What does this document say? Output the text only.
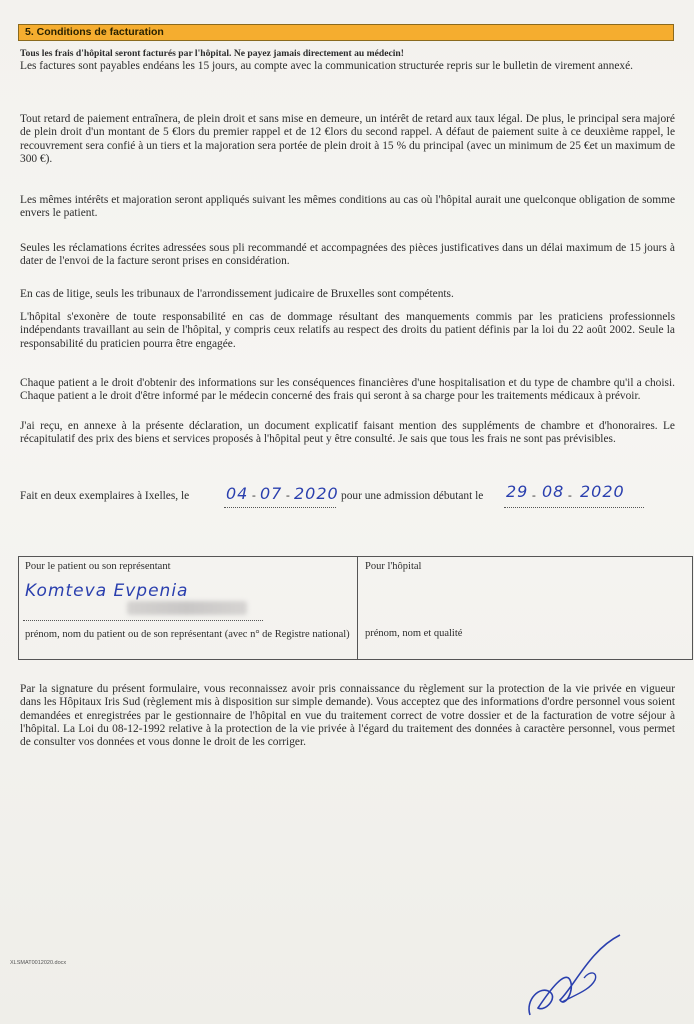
5. Conditions de facturation
Tous les frais d'hôpital seront facturés par l'hôpital. Ne payez jamais directement au médecin!
Les factures sont payables endéans les 15 jours, au compte avec la communication structurée repris sur le bulletin de virement annexé.
Tout retard de paiement entraînera, de plein droit et sans mise en demeure, un intérêt de retard aux taux légal. De plus, le principal sera majoré de plein droit d'un montant de 5 €lors du premier rappel et de 12 €lors du second rappel. A défaut de paiement suite à ce deuxième rappel, le recouvrement sera confié à un tiers et la majoration sera portée de plein droit à 15 % du principal (avec un minimum de 25 €et un maximum de 300 €).
Les mêmes intérêts et majoration seront appliqués suivant les mêmes conditions au cas où l'hôpital aurait une quelconque obligation de somme envers le patient.
Seules les réclamations écrites adressées sous pli recommandé et accompagnées des pièces justificatives dans un délai maximum de 15 jours à dater de l'envoi de la facture seront prises en considération.
En cas de litige, seuls les tribunaux de l'arrondissement judicaire de Bruxelles sont compétents.
L'hôpital s'exonère de toute responsabilité en cas de dommage résultant des manquements commis par les praticiens professionnels indépendants travaillant au sein de l'hôpital, y compris ceux relatifs au respect des droits du patient définis par la loi du 22 août 2002. Seule la responsabilité du praticien pourra être engagée.
Chaque patient a le droit d'obtenir des informations sur les conséquences financières d'une hospitalisation et du type de chambre qu'il a choisi. Chaque patient a le droit d'être informé par le médecin concerné des frais qui seront à sa charge pour les traitements médicaux à prévoir.
J'ai reçu, en annexe à la présente déclaration, un document explicatif faisant mention des suppléments de chambre et d'honoraires. Le récapitulatif des prix des biens et services proposés à l'hôpital peut y être consulté. Je sais que tous les frais ne sont pas prévisibles.
Fait en deux exemplaires à Ixelles, le 04 - 07 - 2020 pour une admission débutant le 29 - 08 - 2020
Pour le patient ou son représentant
Komteva Evpenia
prénom, nom du patient ou de son représentant (avec n° de Registre national)
Pour l'hôpital
prénom, nom et qualité
Par la signature du présent formulaire, vous reconnaissez avoir pris connaissance du règlement sur la protection de la vie privée en vigueur dans les Hôpitaux Iris Sud (règlement mis à disposition sur simple demande). Vous acceptez que des informations d'ordre personnel vous soient demandées et enregistrées par le gestionnaire de l'hôpital en vue du traitement correct de votre dossier et de la facturation de votre séjour à l'hôpital. La Loi du 08-12-1992 relative à la protection de la vie privée à l'égard du traitement des données à caractère personnel, vous permet de consulter vos données et vous donne le droit de les corriger.
XLSMAT0012020.docx
